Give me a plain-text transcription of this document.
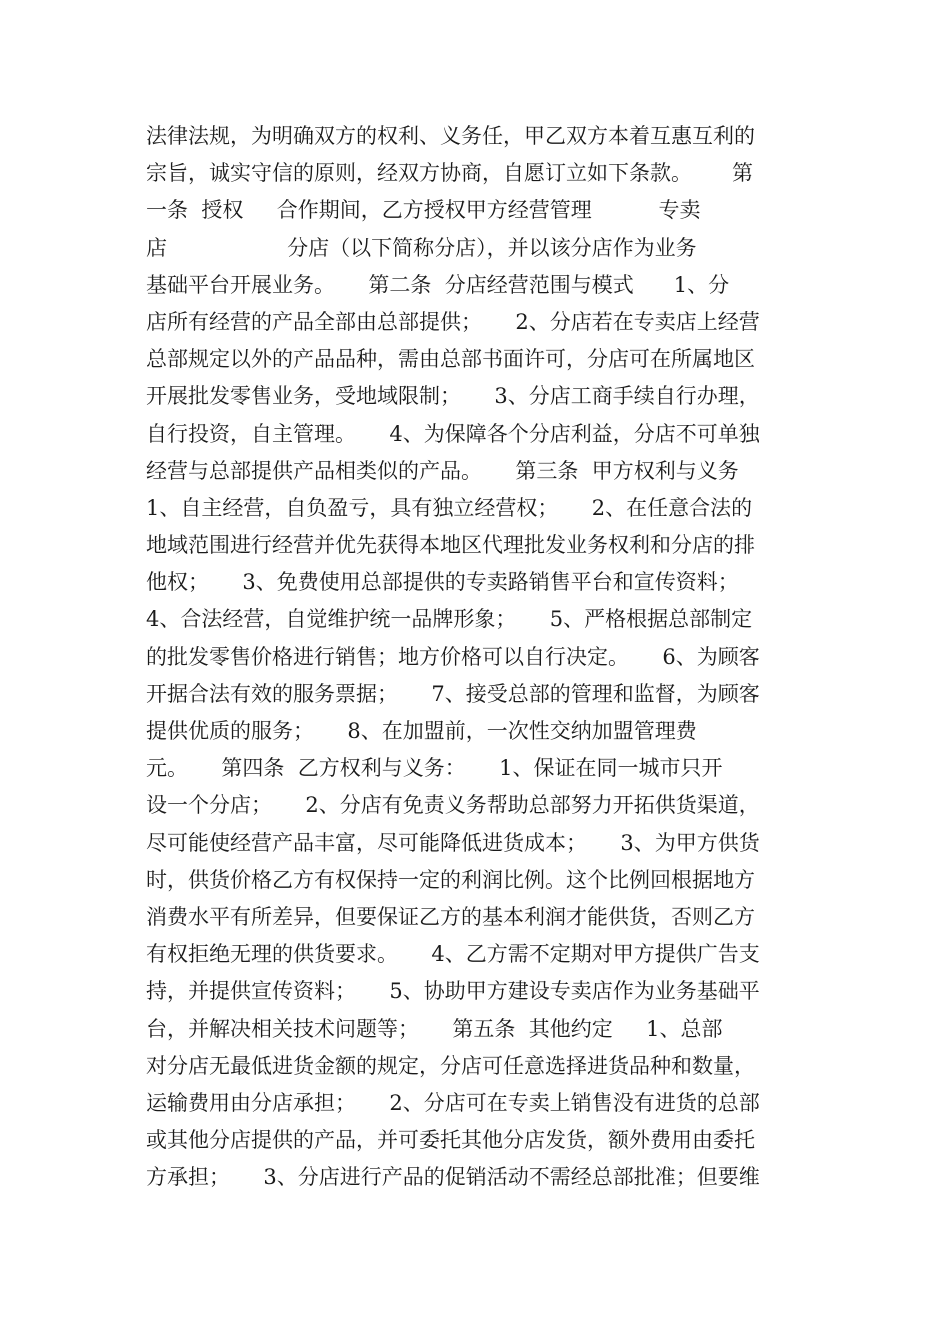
法律法规，为明确双方的权利、义务任，甲乙双方本着互惠互利的
宗旨，诚实守信的原则，经双方协商，自愿订立如下条款。      第
一条  授权     合作期间，乙方授权甲方经营管理          专卖
店                  分店（以下简称分店），并以该分店作为业务
基础平台开展业务。     第二条  分店经营范围与模式      1、分
店所有经营的产品全部由总部提供；     2、分店若在专卖店上经营
总部规定以外的产品品种，需由总部书面许可，分店可在所属地区
开展批发零售业务，受地域限制；     3、分店工商手续自行办理，
自行投资，自主管理。     4、为保障各个分店利益，分店不可单独
经营与总部提供产品相类似的产品。     第三条  甲方权利与义务
1、自主经营，自负盈亏，具有独立经营权；     2、在任意合法的
地域范围进行经营并优先获得本地区代理批发业务权利和分店的排
他权；     3、免费使用总部提供的专卖路销售平台和宣传资料；
4、合法经营，自觉维护统一品牌形象；     5、严格根据总部制定
的批发零售价格进行销售；地方价格可以自行决定。     6、为顾客
开据合法有效的服务票据；     7、接受总部的管理和监督，为顾客
提供优质的服务；     8、在加盟前，一次性交纳加盟管理费
元。     第四条  乙方权利与义务：     1、保证在同一城市只开
设一个分店；     2、分店有免责义务帮助总部努力开拓供货渠道，
尽可能使经营产品丰富，尽可能降低进货成本；     3、为甲方供货
时，供货价格乙方有权保持一定的利润比例。这个比例回根据地方
消费水平有所差异，但要保证乙方的基本利润才能供货，否则乙方
有权拒绝无理的供货要求。     4、乙方需不定期对甲方提供广告支
持，并提供宣传资料；     5、协助甲方建设专卖店作为业务基础平
台，并解决相关技术问题等；     第五条  其他约定     1、总部
对分店无最低进货金额的规定，分店可任意选择进货品种和数量，
运输费用由分店承担；     2、分店可在专卖上销售没有进货的总部
或其他分店提供的产品，并可委托其他分店发货，额外费用由委托
方承担；     3、分店进行产品的促销活动不需经总部批准；但要维
